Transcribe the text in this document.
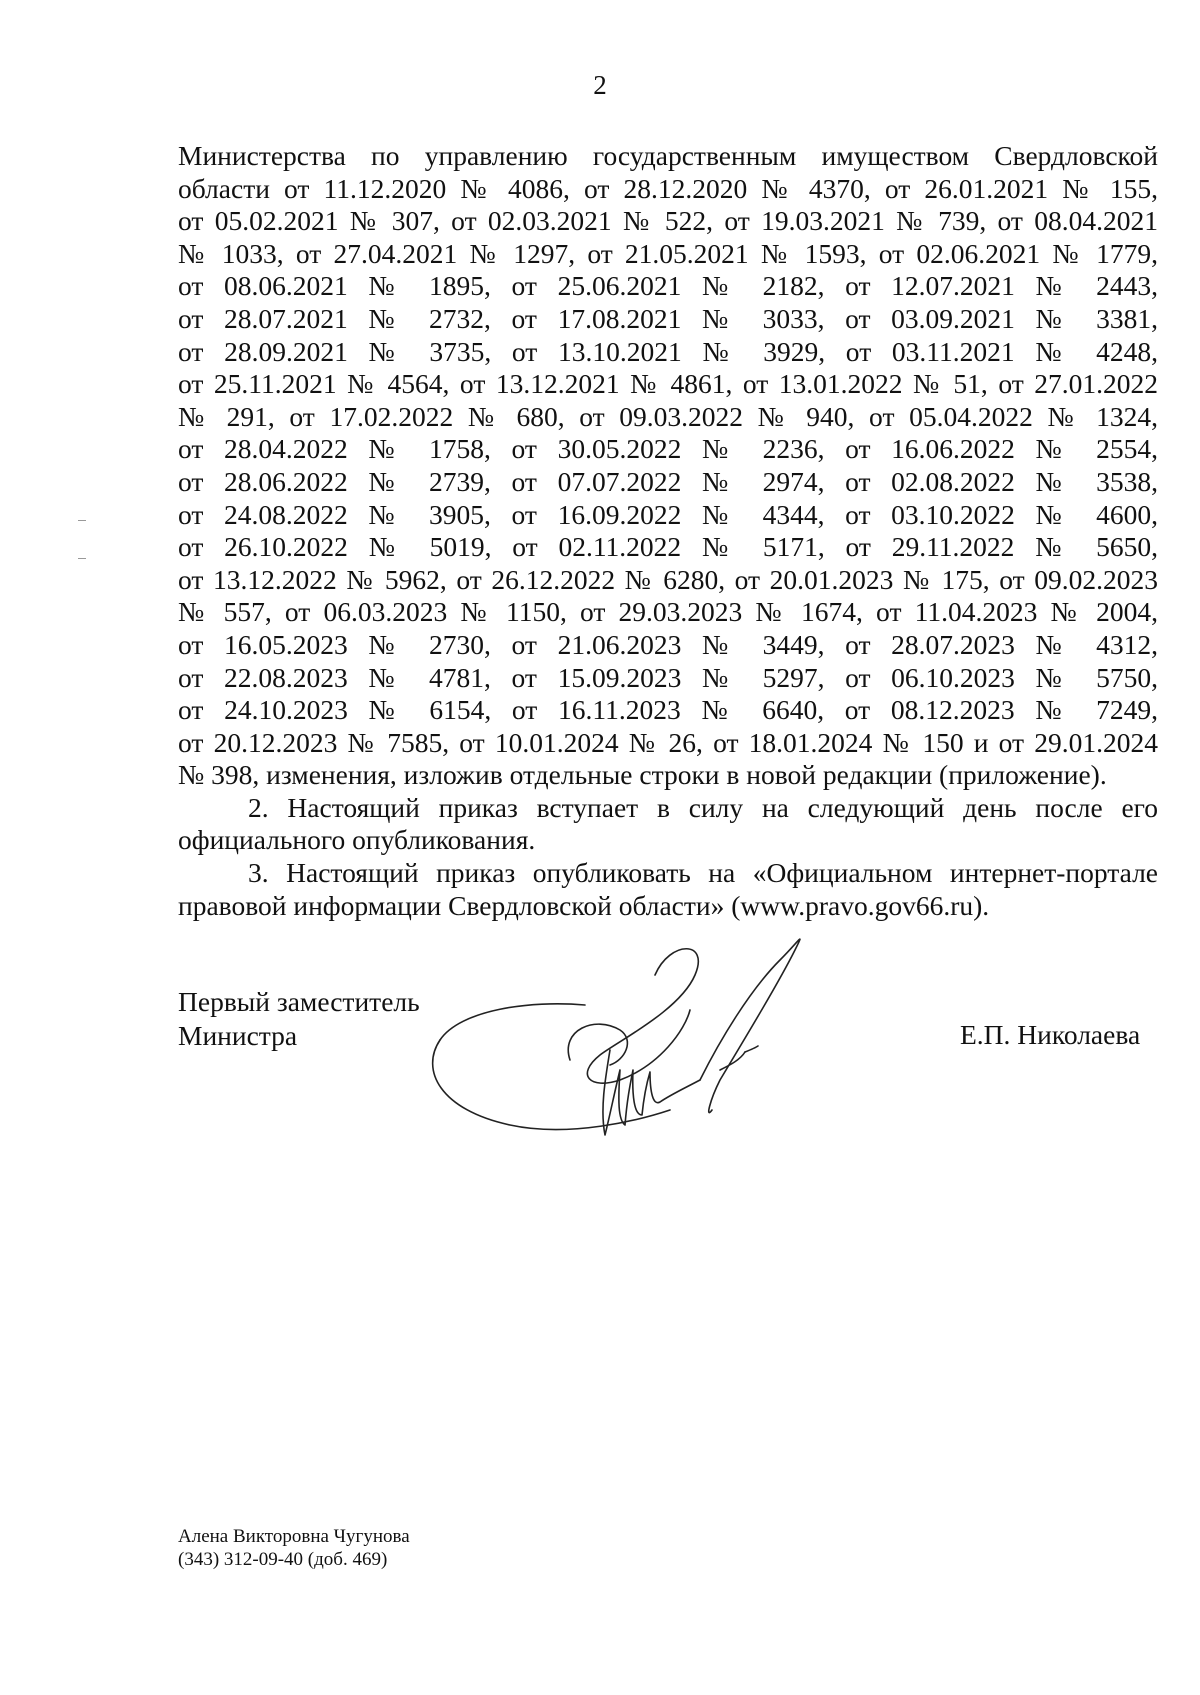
2
Министерства по управлению государственным имуществом Свердловской
области от 11.12.2020 № 4086, от 28.12.2020 № 4370, от 26.01.2021 № 155,
от 05.02.2021 № 307, от 02.03.2021 № 522, от 19.03.2021 № 739, от 08.04.2021
№ 1033, от 27.04.2021 № 1297, от 21.05.2021 № 1593, от 02.06.2021 № 1779,
от 08.06.2021 № 1895, от 25.06.2021 № 2182, от 12.07.2021 № 2443,
от 28.07.2021 № 2732, от 17.08.2021 № 3033, от 03.09.2021 № 3381,
от 28.09.2021 № 3735, от 13.10.2021 № 3929, от 03.11.2021 № 4248,
от 25.11.2021 № 4564, от 13.12.2021 № 4861, от 13.01.2022 № 51, от 27.01.2022
№ 291, от 17.02.2022 № 680, от 09.03.2022 № 940, от 05.04.2022 № 1324,
от 28.04.2022 № 1758, от 30.05.2022 № 2236, от 16.06.2022 № 2554,
от 28.06.2022 № 2739, от 07.07.2022 № 2974, от 02.08.2022 № 3538,
от 24.08.2022 № 3905, от 16.09.2022 № 4344, от 03.10.2022 № 4600,
от 26.10.2022 № 5019, от 02.11.2022 № 5171, от 29.11.2022 № 5650,
от 13.12.2022 № 5962, от 26.12.2022 № 6280, от 20.01.2023 № 175, от 09.02.2023
№ 557, от 06.03.2023 № 1150, от 29.03.2023 № 1674, от 11.04.2023 № 2004,
от 16.05.2023 № 2730, от 21.06.2023 № 3449, от 28.07.2023 № 4312,
от 22.08.2023 № 4781, от 15.09.2023 № 5297, от 06.10.2023 № 5750,
от 24.10.2023 № 6154, от 16.11.2023 № 6640, от 08.12.2023 № 7249,
от 20.12.2023 № 7585, от 10.01.2024 № 26, от 18.01.2024 № 150 и от 29.01.2024
№ 398, изменения, изложив отдельные строки в новой редакции (приложение).
2. Настоящий приказ вступает в силу на следующий день после его
официального опубликования.
3. Настоящий приказ опубликовать на «Официальном интернет-портале
правовой информации Свердловской области» (www.pravo.gov66.ru).
Первый заместитель
Министра	Е.П. Николаева
Алена Викторовна Чугунова
(343) 312-09-40 (доб. 469)
